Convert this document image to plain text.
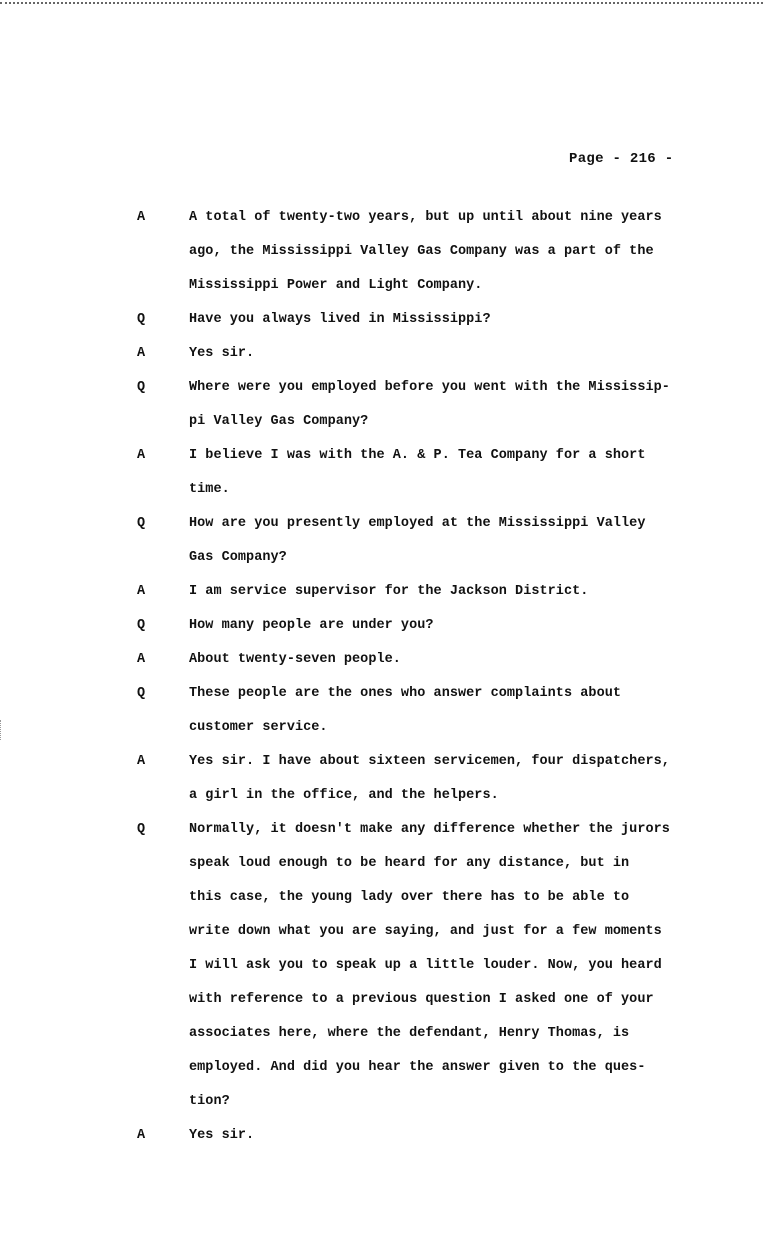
Page - 216 -
A	A total of twenty-two years, but up until about nine years
ago, the Mississippi Valley Gas Company was a part of the
Mississippi Power and Light Company.
Q	Have you always lived in Mississippi?
A	Yes sir.
Q	Where were you employed before you went with the Mississip-
pi Valley Gas Company?
A	I believe I was with the A. & P. Tea Company for a short
time.
Q	How are you presently employed at the Mississippi Valley
Gas Company?
A	I am service supervisor for the Jackson District.
Q	How many people are under you?
A	About twenty-seven people.
Q	These people are the ones who answer complaints about
customer service.
A	Yes sir. I have about sixteen servicemen, four dispatchers,
a girl in the office, and the helpers.
Q	Normally, it doesn't make any difference whether the jurors
speak loud enough to be heard for any distance, but in
this case, the young lady over there has to be able to
write down what you are saying, and just for a few moments
I will ask you to speak up a little louder. Now, you heard
with reference to a previous question I asked one of your
associates here, where the defendant, Henry Thomas, is
employed. And did you hear the answer given to the ques-
tion?
A	Yes sir.
